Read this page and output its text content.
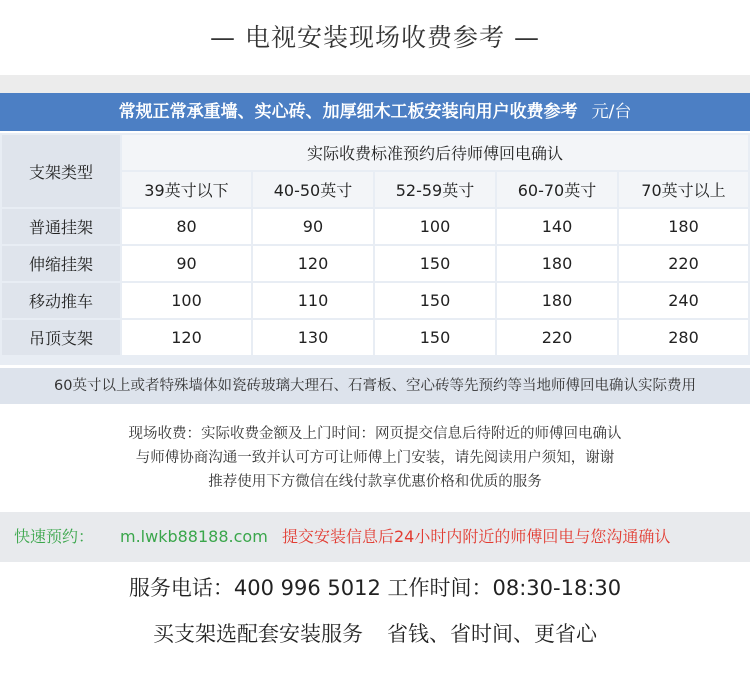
— 电视安装现场收费参考 —
常规正常承重墙、实心砖、加厚细木工板安装向用户收费参考 元/台
支架类型	实际收费标准预约后待师傅回电确认				
	39英寸以下	40-50英寸	52-59英寸	60-70英寸	70英寸以上
普通挂架	80	90	100	140	180
伸缩挂架	90	120	150	180	220
移动推车	100	110	150	180	240
吊顶支架	120	130	150	220	280
60英寸以上或者特殊墙体如瓷砖玻璃大理石、石膏板、空心砖等先预约等当地师傅回电确认实际费用
现场收费：实际收费金额及上门时间：网页提交信息后待附近的师傅回电确认
与师傅协商沟通一致并认可方可让师傅上门安装，请先阅读用户须知，谢谢
推荐使用下方微信在线付款享优惠价格和优质的服务
快速预约： m.lwkb88188.com 提交安装信息后24小时内附近的师傅回电与您沟通确认
服务电话：400 996 5012 工作时间：08:30-18:30
买支架选配套安装服务 省钱、省时间、更省心
